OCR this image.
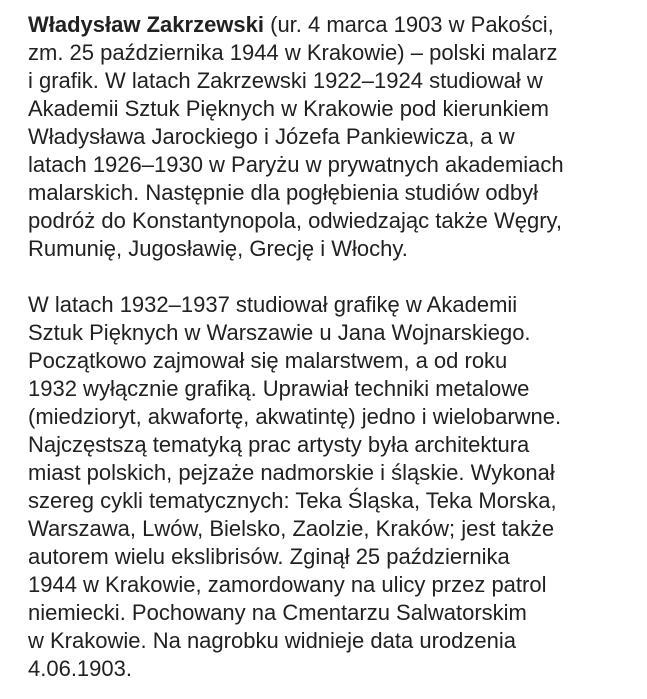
Władysław Zakrzewski (ur. 4 marca 1903 w Pakości,
zm. 25 października 1944 w Krakowie) – polski malarz
i grafik. W latach Zakrzewski 1922–1924 studiował w
Akademii Sztuk Pięknych w Krakowie pod kierunkiem
Władysława Jarockiego i Józefa Pankiewicza, a w
latach 1926–1930 w Paryżu w prywatnych akademiach
malarskich. Następnie dla pogłębienia studiów odbył
podróż do Konstantynopola, odwiedzając także Węgry,
Rumunię, Jugosławię, Grecję i Włochy.
W latach 1932–1937 studiował grafikę w Akademii
Sztuk Pięknych w Warszawie u Jana Wojnarskiego.
Początkowo zajmował się malarstwem, a od roku
1932 wyłącznie grafiką. Uprawiał techniki metalowe
(miedzioryt, akwafortę, akwatintę) jedno i wielobarwne.
Najczęstszą tematyką prac artysty była architektura
miast polskich, pejzaże nadmorskie i śląskie. Wykonał
szereg cykli tematycznych: Teka Śląska, Teka Morska,
Warszawa, Lwów, Bielsko, Zaolzie, Kraków; jest także
autorem wielu ekslibrisów. Zginął 25 października
1944 w Krakowie, zamordowany na ulicy przez patrol
niemiecki. Pochowany na Cmentarzu Salwatorskim
w Krakowie. Na nagrobku widnieje data urodzenia
4.06.1903.
